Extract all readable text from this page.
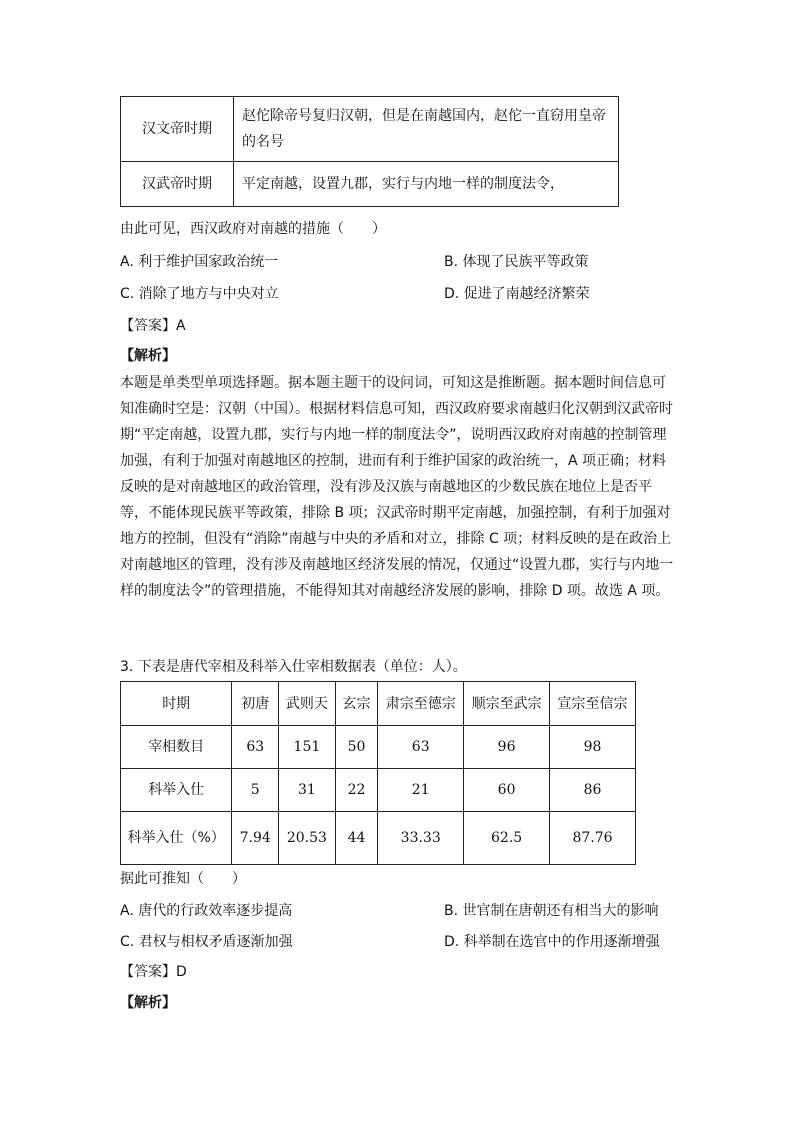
汉文帝时期	赵佗除帝号复归汉朝，但是在南越国内，赵佗一直窃用皇帝
的名号
汉武帝时期	平定南越，设置九郡，实行与内地一样的制度法令，
由此可见，西汉政府对南越的措施（　　）
A. 利于维护国家政治统一	B. 体现了民族平等政策
C. 消除了地方与中央对立	D. 促进了南越经济繁荣
【答案】A
【解析】
本题是单类型单项选择题。据本题主题干的设问词，可知这是推断题。据本题时间信息可
知准确时空是：汉朝（中国）。根据材料信息可知，西汉政府要求南越归化汉朝到汉武帝时
期“平定南越，设置九郡，实行与内地一样的制度法令”，说明西汉政府对南越的控制管理
加强，有利于加强对南越地区的控制，进而有利于维护国家的政治统一，A 项正确；材料
反映的是对南越地区的政治管理，没有涉及汉族与南越地区的少数民族在地位上是否平
等，不能体现民族平等政策，排除 B 项；汉武帝时期平定南越，加强控制，有利于加强对
地方的控制，但没有“消除”南越与中央的矛盾和对立，排除 C 项；材料反映的是在政治上
对南越地区的管理，没有涉及南越地区经济发展的情况，仅通过“设置九郡，实行与内地一
样的制度法令”的管理措施，不能得知其对南越经济发展的影响，排除 D 项。故选 A 项。
3. 下表是唐代宰相及科举入仕宰相数据表（单位：人）。
时期	初唐	武则天	玄宗	肃宗至德宗	顺宗至武宗	宣宗至信宗
宰相数目	63	151	50	63	96	98
科举入仕	5	31	22	21	60	86
科举入仕（%）	7.94	20.53	44	33.33	62.5	87.76
据此可推知（　　）
A. 唐代的行政效率逐步提高	B. 世官制在唐朝还有相当大的影响
C. 君权与相权矛盾逐渐加强	D. 科举制在选官中的作用逐渐增强
【答案】D
【解析】
